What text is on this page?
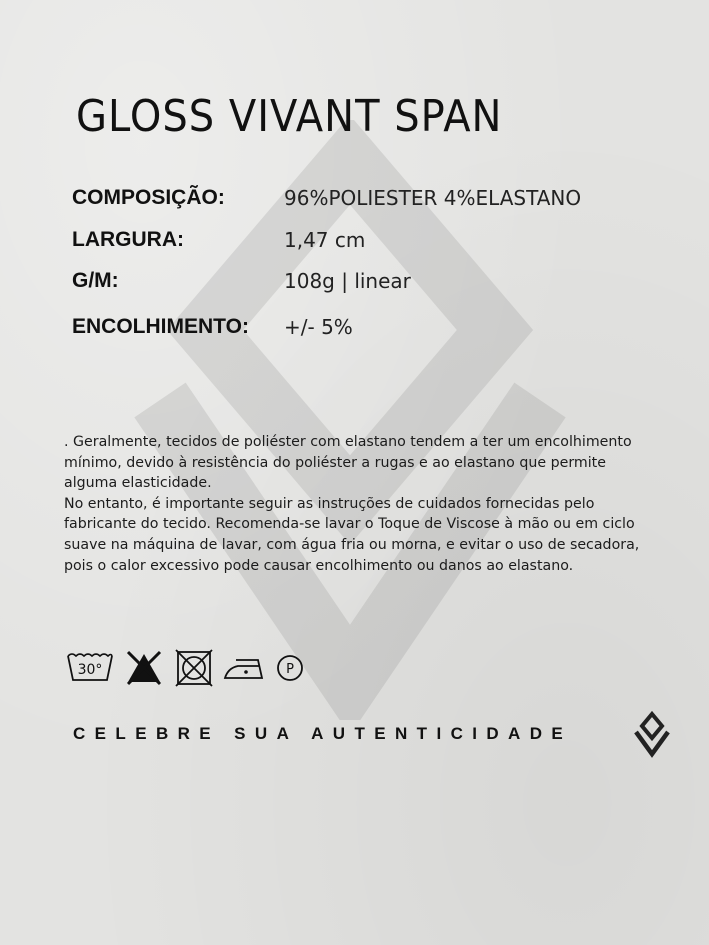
GLOSS VIVANT SPAN
COMPOSIÇÃO:	96%POLIESTER 4%ELASTANO
LARGURA:	1,47 cm
G/M:	108g | linear
ENCOLHIMENTO: +/- 5%

. Geralmente, tecidos de poliéster com elastano tendem a ter um encolhimento mínimo, devido à resistência do poliéster a rugas e ao elastano que permite alguma elasticidade.

No entanto, é importante seguir as instruções de cuidados fornecidas pelo fabricante do tecido. Recomenda-se lavar o Toque de Viscose à mão ou em ciclo suave na máquina de lavar, com água fria ou morna, e evitar o uso de secadora, pois o calor excessivo pode causar encolhimento ou danos ao elastano.

30°	P
CELEBRE SUA AUTENTICIDADE
